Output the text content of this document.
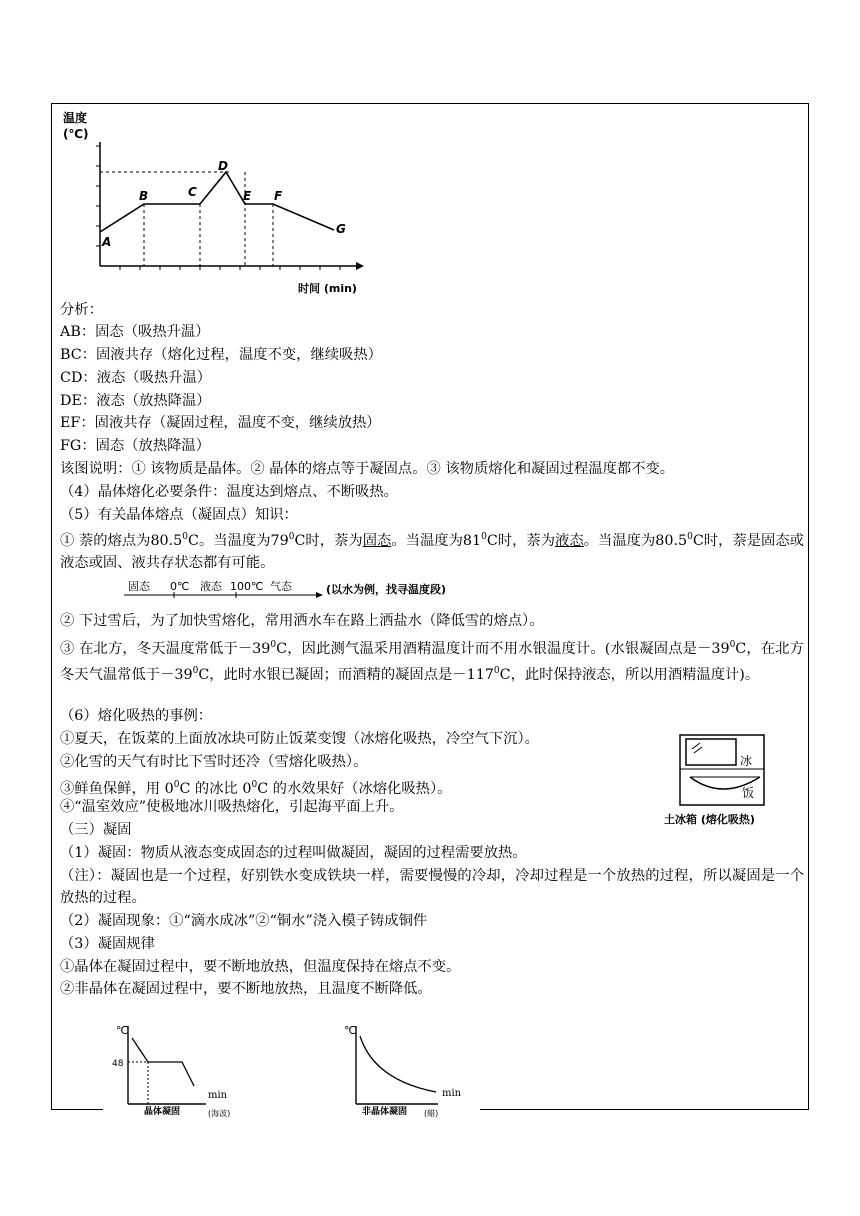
温度
(℃)
A
B	C
D
E F
G
时间 (min)
分析：
AB：固态（吸热升温）
BC：固液共存（熔化过程，温度不变，继续吸热）
CD：液态（吸热升温）
DE：液态（放热降温）
EF：固液共存（凝固过程，温度不变，继续放热）
FG：固态（放热降温）
该图说明：① 该物质是晶体。② 晶体的熔点等于凝固点。③ 该物质熔化和凝固过程温度都不变。
（4）晶体熔化必要条件：温度达到熔点、不断吸热。
（5）有关晶体熔点（凝固点）知识：
① 萘的熔点为80.5$^0$C。当温度为$79^0C$时，萘为固态。当温度为$81^0C$时，萘为液态。当温度为80.5$^0$C时，萘是固态或液态或固、液共存状态都有可能。
固态 0℃ 液态 100℃ 气态	(以水为例，找寻温度段)
② 下过雪后，为了加快雪熔化，常用洒水车在路上洒盐水（降低雪的熔点）。
③ 在北方，冬天温度常低于$-39^0C$，因此测气温采用酒精温度计而不用水银温度计。(水银凝固点是$-39^0C$，在北方冬天气温常低于$-39^0C$，此时水银已凝固；而酒精的凝固点是$-117^0C$，此时保持液态，所以用酒精温度计)。
（6）熔化吸热的事例：
①夏天，在饭菜的上面放冰块可防止饭菜变馊（冰熔化吸热，冷空气下沉）。
②化雪的天气有时比下雪时还冷（雪熔化吸热）。
③鲜鱼保鲜，用 $0^0C$ 的冰比 $0^0C$ 的水效果好（冰熔化吸热）。
④“温室效应”使极地冰川吸热熔化，引起海平面上升。
冰
饭
土冰箱 (熔化吸热)
（三）凝固
（1）凝固：物质从液态变成固态的过程叫做凝固，凝固的过程需要放热。
（注）：凝固也是一个过程，好别铁水变成铁块一样，需要慢慢的冷却，冷却过程是一个放热的过程，所以凝固是一个放热的过程。
（2）凝固现象：①“滴水成冰”②“铜水”浇入模子铸成铜件
（3）凝固规律
①晶体在凝固过程中，要不断地放热，但温度保持在熔点不变。
②非晶体在凝固过程中，要不断地放热，且温度不断降低。
℃
48
min
晶体凝固	(海波)
℃
min
非晶体凝固 (蜡)
